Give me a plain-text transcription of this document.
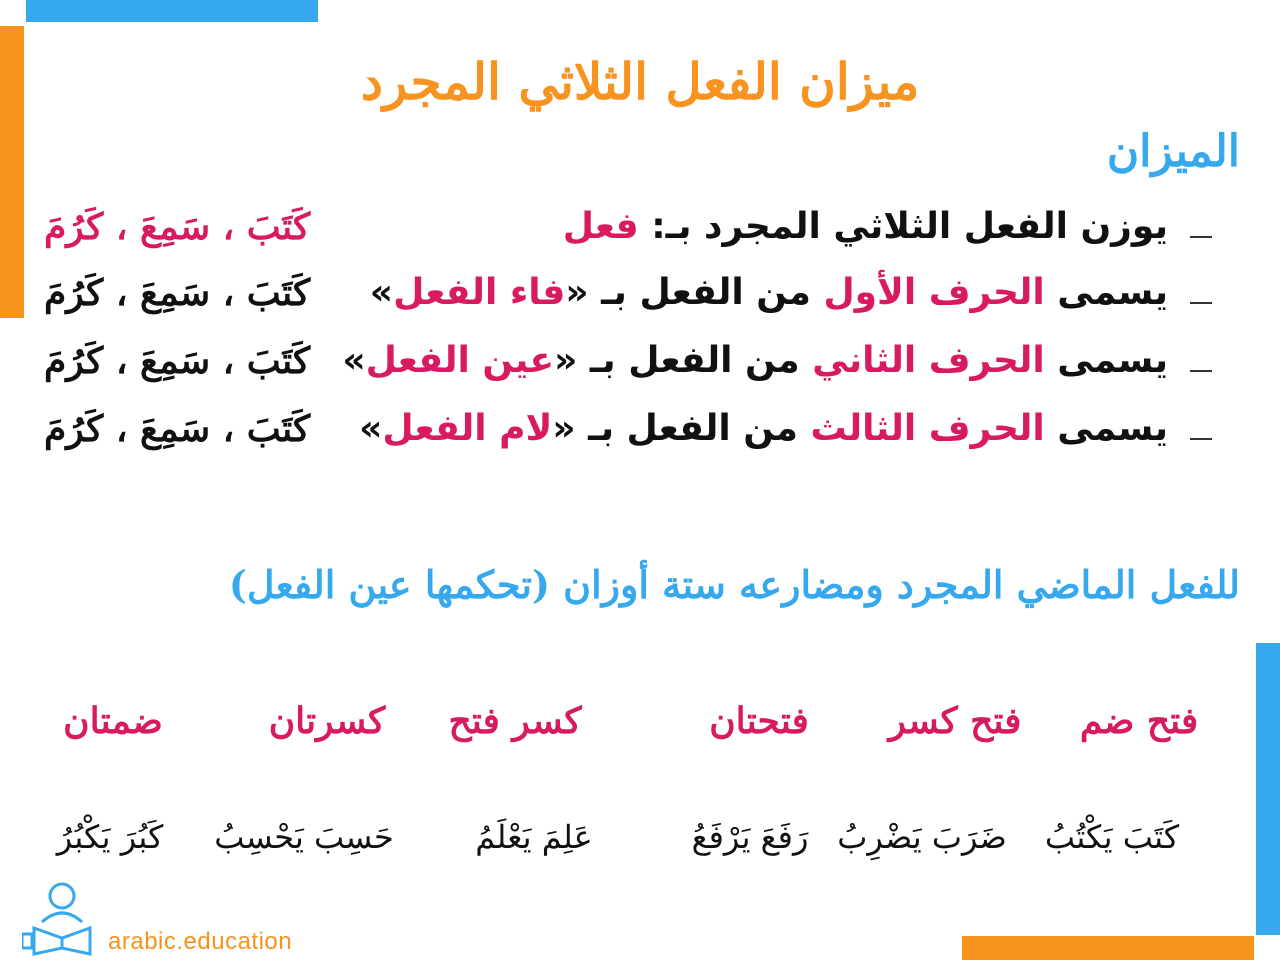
ميزان الفعل الثلاثي المجرد
الميزان
يوزن الفعل الثلاثي المجرد بـ: فعل
كَتَبَ ، سَمِعَ ، كَرُمَ
يسمى الحرف الأول من الفعل بـ «فاء الفعل»
كَتَبَ ، سَمِعَ ، كَرُمَ
يسمى الحرف الثاني من الفعل بـ «عين الفعل»
كَتَبَ ، سَمِعَ ، كَرُمَ
يسمى الحرف الثالث من الفعل بـ «لام الفعل»
كَتَبَ ، سَمِعَ ، كَرُمَ
للفعل الماضي المجرد ومضارعه ستة أوزان (تحكمها عين الفعل)
فتح ضم
فتح كسر
فتحتان
كسر فتح
كسرتان
ضمتان
كَتَبَ يَكْتُبُ
ضَرَبَ يَضْرِبُ
رَفَعَ يَرْفَعُ
عَلِمَ يَعْلَمُ
حَسِبَ يَحْسِبُ
كَبُرَ يَكْبُرُ
arabic.education
